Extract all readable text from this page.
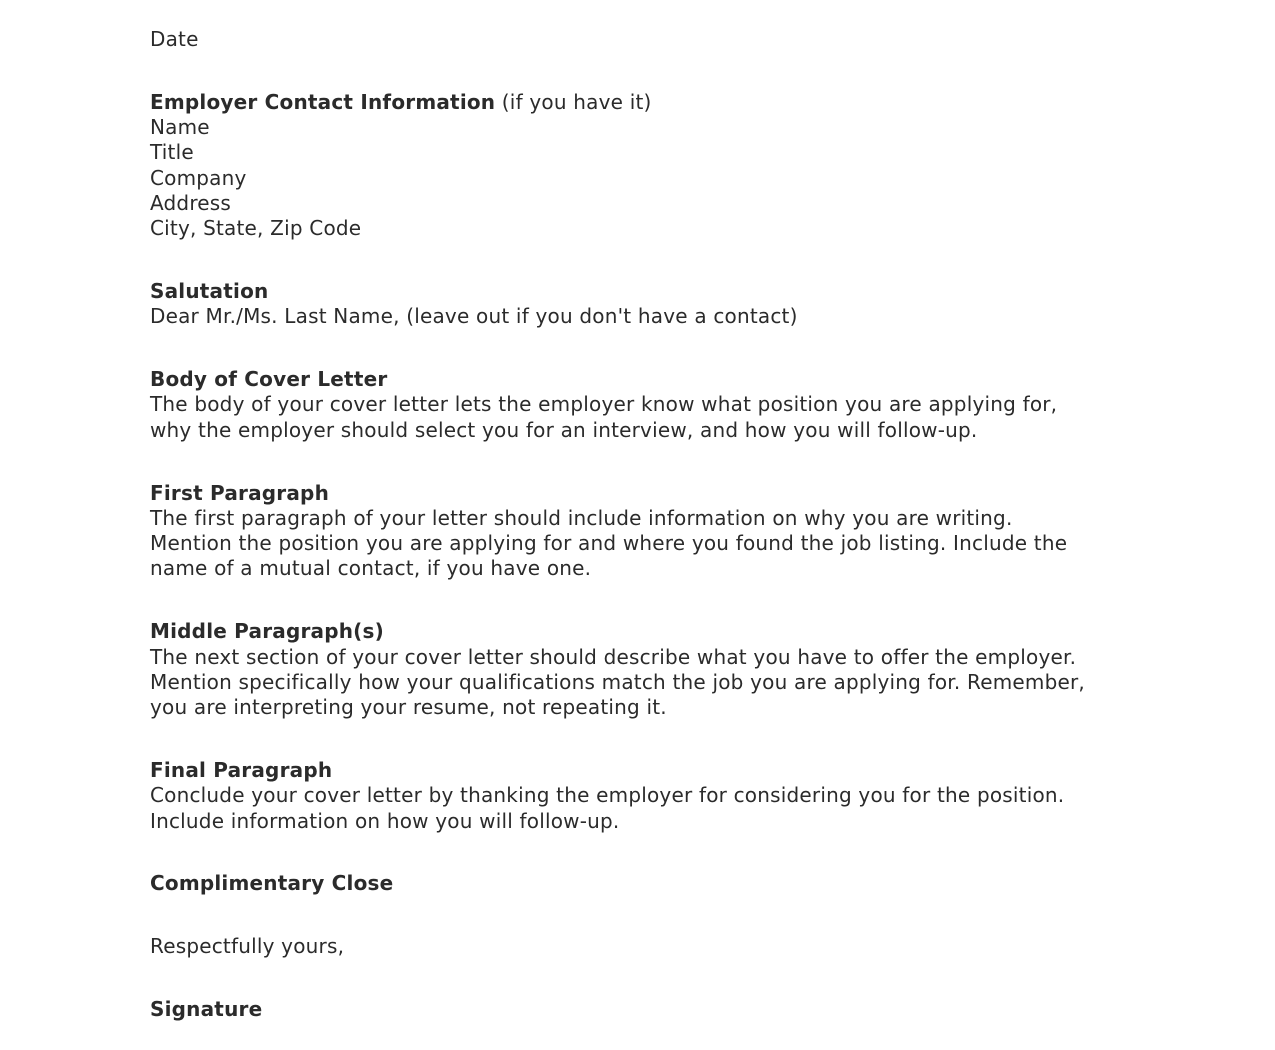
Date
Employer Contact Information (if you have it)
Name
Title
Company
Address
City, State, Zip Code
Salutation
Dear Mr./Ms. Last Name, (leave out if you don't have a contact)
Body of Cover Letter
The body of your cover letter lets the employer know what position you are applying for,
why the employer should select you for an interview, and how you will follow-up.
First Paragraph
The first paragraph of your letter should include information on why you are writing.
Mention the position you are applying for and where you found the job listing. Include the
name of a mutual contact, if you have one.
Middle Paragraph(s)
The next section of your cover letter should describe what you have to offer the employer.
Mention specifically how your qualifications match the job you are applying for. Remember,
you are interpreting your resume, not repeating it.
Final Paragraph
Conclude your cover letter by thanking the employer for considering you for the position.
Include information on how you will follow-up.
Complimentary Close
Respectfully yours,
Signature
